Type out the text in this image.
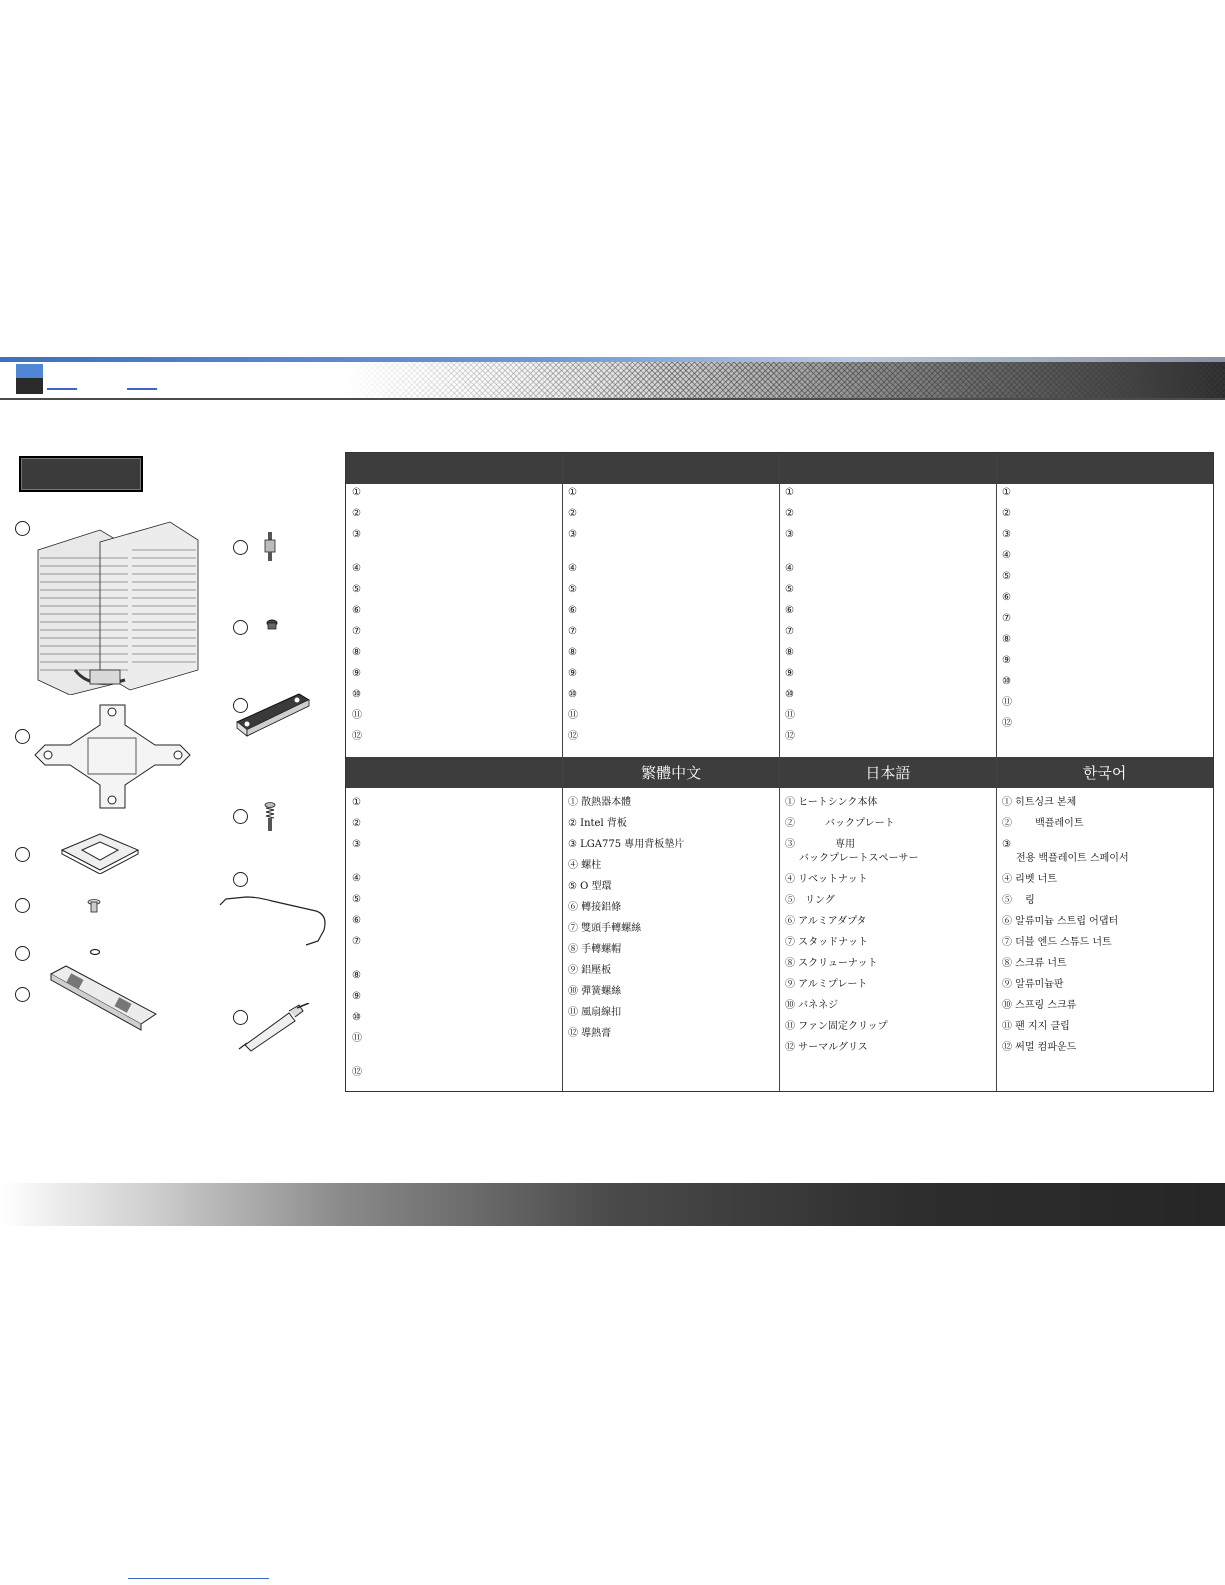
繁體中文	日本語	한국어
①
②
③
④
⑤
⑥
⑦
⑧
⑨
⑩
⑪
⑫
①
②
③
④
⑤
⑥
⑦
⑧
⑨
⑩
⑪
⑫
①
②
③
④
⑤
⑥
⑦
⑧
⑨
⑩
⑪
⑫
①
②
③
④
⑤
⑥
⑦
⑧
⑨
⑩
⑪
⑫
①
②
③
④
⑤
⑥
⑦
⑧
⑨
⑩
⑪
⑫
① 散熱器本體
② Intel 背板
③ LGA775 專用背板墊片
④ 螺柱
⑤ O 型環
⑥ 轉接鋁條
⑦ 雙頭手轉螺絲
⑧ 手轉螺帽
⑨ 鋁壓板
⑩ 彈簧螺絲
⑪ 風扇線扣
⑫ 導熱膏
① ヒートシンク本体
②　　　バックプレート
③　　　　専用
バックプレートスペーサー
④ リベットナット
⑤　リング
⑥ アルミアダプタ
⑦ スタッドナット
⑧ スクリューナット
⑨ アルミプレート
⑩ バネネジ
⑪ ファン固定クリップ
⑫ サーマルグリス
① 히트싱크 본체
②　　 백플레이트
③
전용 백플레이트 스페이서
④ 리벳 너트
⑤　 링
⑥ 알류미늄 스트립 어댑터
⑦ 더블 엔드 스튜드 너트
⑧ 스크류 너트
⑨ 알류미늄판
⑩ 스프링 스크류
⑪ 팬 지지 클립
⑫ 써멀 컴파운드
